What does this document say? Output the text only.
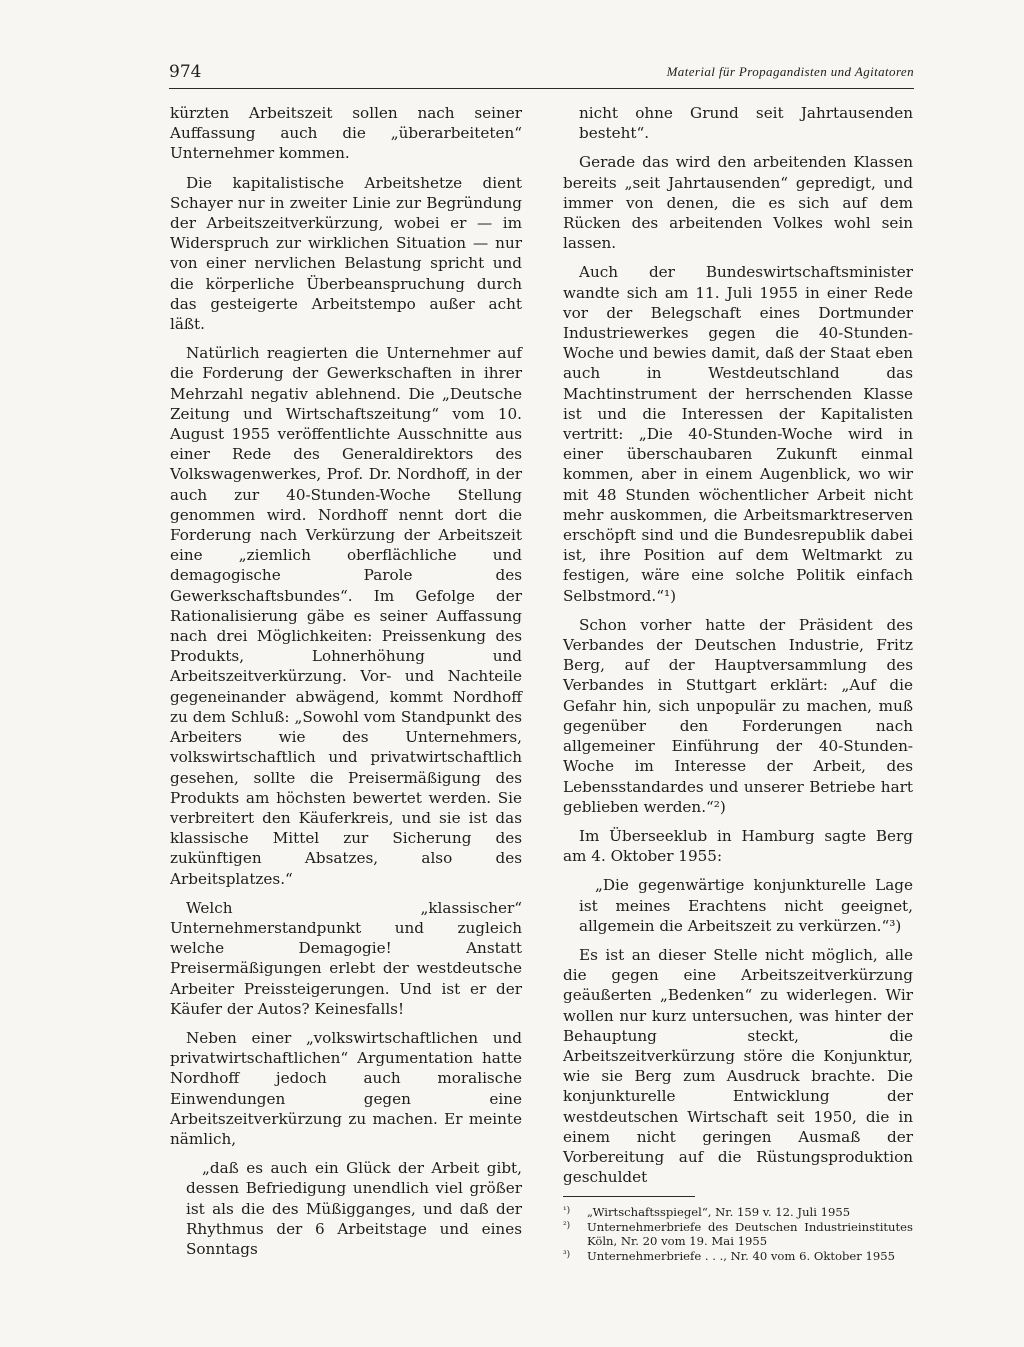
974	Material für Propagandisten und Agitatoren

kürzten Arbeitszeit sollen nach seiner Auffassung auch die „überarbeiteten“ Unternehmer kommen.

Die kapitalistische Arbeitshetze dient Schayer nur in zweiter Linie zur Begründung der Arbeitszeitverkürzung, wobei er — im Widerspruch zur wirklichen Situation — nur von einer nervlichen Belastung spricht und die körperliche Überbeanspruchung durch das gesteigerte Arbeitstempo außer acht läßt.

Natürlich reagierten die Unternehmer auf die Forderung der Gewerkschaften in ihrer Mehrzahl negativ ablehnend. Die „Deutsche Zeitung und Wirtschaftszeitung“ vom 10. August 1955 veröffentlichte Ausschnitte aus einer Rede des Generaldirektors des Volkswagenwerkes, Prof. Dr. Nordhoff, in der auch zur 40-Stunden-Woche Stellung genommen wird. Nordhoff nennt dort die Forderung nach Verkürzung der Arbeitszeit eine „ziemlich oberflächliche und demagogische Parole des Gewerkschaftsbundes“. Im Gefolge der Rationalisierung gäbe es seiner Auffassung nach drei Möglichkeiten: Preissenkung des Produkts, Lohnerhöhung und Arbeitszeitverkürzung. Vor- und Nachteile gegeneinander abwägend, kommt Nordhoff zu dem Schluß: „Sowohl vom Standpunkt des Arbeiters wie des Unternehmers, volkswirtschaftlich und privatwirtschaftlich gesehen, sollte die Preisermäßigung des Produkts am höchsten bewertet werden. Sie verbreitert den Käuferkreis, und sie ist das klassische Mittel zur Sicherung des zukünftigen Absatzes, also des Arbeitsplatzes.“

Welch „klassischer“ Unternehmerstandpunkt und zugleich welche Demagogie! Anstatt Preisermäßigungen erlebt der westdeutsche Arbeiter Preissteigerungen. Und ist er der Käufer der Autos? Keinesfalls!

Neben einer „volkswirtschaftlichen und privatwirtschaftlichen“ Argumentation hatte Nordhoff jedoch auch moralische Einwendungen gegen eine Arbeitszeitverkürzung zu machen. Er meinte nämlich,

„daß es auch ein Glück der Arbeit gibt, dessen Befriedigung unendlich viel größer ist als die des Müßigganges, und daß der Rhythmus der 6 Arbeitstage und eines Sonntags

nicht ohne Grund seit Jahrtausenden besteht“.

Gerade das wird den arbeitenden Klassen bereits „seit Jahrtausenden“ gepredigt, und immer von denen, die es sich auf dem Rücken des arbeitenden Volkes wohl sein lassen.

Auch der Bundeswirtschaftsminister wandte sich am 11. Juli 1955 in einer Rede vor der Belegschaft eines Dortmunder Industriewerkes gegen die 40-Stunden-Woche und bewies damit, daß der Staat eben auch in Westdeutschland das Machtinstrument der herrschenden Klasse ist und die Interessen der Kapitalisten vertritt: „Die 40-Stunden-Woche wird in einer überschaubaren Zukunft einmal kommen, aber in einem Augenblick, wo wir mit 48 Stunden wöchentlicher Arbeit nicht mehr auskommen, die Arbeitsmarktreserven erschöpft sind und die Bundesrepublik dabei ist, ihre Position auf dem Weltmarkt zu festigen, wäre eine solche Politik einfach Selbstmord.“¹)

Schon vorher hatte der Präsident des Verbandes der Deutschen Industrie, Fritz Berg, auf der Hauptversammlung des Verbandes in Stuttgart erklärt: „Auf die Gefahr hin, sich unpopulär zu machen, muß gegenüber den Forderungen nach allgemeiner Einführung der 40-Stunden-Woche im Interesse der Arbeit, des Lebensstandardes und unserer Betriebe hart geblieben werden.“²)

Im Überseeklub in Hamburg sagte Berg am 4. Oktober 1955:

„Die gegenwärtige konjunkturelle Lage ist meines Erachtens nicht geeignet, allgemein die Arbeitszeit zu verkürzen.“³)

Es ist an dieser Stelle nicht möglich, alle die gegen eine Arbeitszeitverkürzung geäußerten „Bedenken“ zu widerlegen. Wir wollen nur kurz untersuchen, was hinter der Behauptung steckt, die Arbeitszeitverkürzung störe die Konjunktur, wie sie Berg zum Ausdruck brachte. Die konjunkturelle Entwicklung der westdeutschen Wirtschaft seit 1950, die in einem nicht geringen Ausmaß der Vorbereitung auf die Rüstungsproduktion geschuldet

¹)	„Wirtschaftsspiegel“, Nr. 159 v. 12. Juli 1955
²)	Unternehmerbriefe des Deutschen Industrieinstitutes Köln, Nr. 20 vom 19. Mai 1955
³)	Unternehmerbriefe . . ., Nr. 40 vom 6. Oktober 1955
